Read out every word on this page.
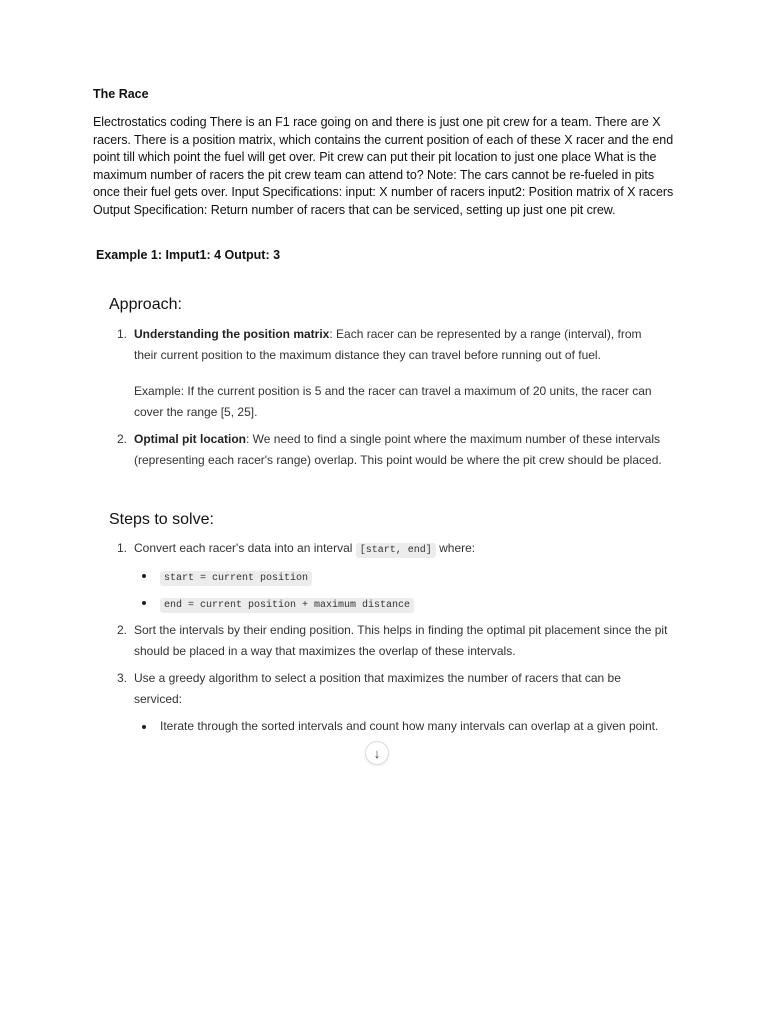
The Race

Electrostatics coding There is an F1 race going on and there is just one pit crew for a team. There are X racers. There is a position matrix, which contains the current position of each of these X racer and the end point till which point the fuel will get over. Pit crew can put their pit location to just one place What is the maximum number of racers the pit crew team can attend to? Note: The cars cannot be re-fueled in pits once their fuel gets over. Input Specifications: input: X number of racers input2: Position matrix of X racers Output Specification: Return number of racers that can be serviced, setting up just one pit crew.

Example 1: Imput1: 4 Output: 3

Approach:
1. Understanding the position matrix: Each racer can be represented by a range (interval), from their current position to the maximum distance they can travel before running out of fuel.

Example: If the current position is 5 and the racer can travel a maximum of 20 units, the racer can cover the range [5, 25].

2. Optimal pit location: We need to find a single point where the maximum number of these intervals (representing each racer's range) overlap. This point would be where the pit crew should be placed.

Steps to solve:
1. Convert each racer's data into an interval [start, end] where:

start = current position

end = current position + maximum distance

2. Sort the intervals by their ending position. This helps in finding the optimal pit placement since the pit should be placed in a way that maximizes the overlap of these intervals.

3. Use a greedy algorithm to select a position that maximizes the number of racers that can be serviced:

Iterate through the sorted intervals and count how many intervals can overlap at a given point.

↓
